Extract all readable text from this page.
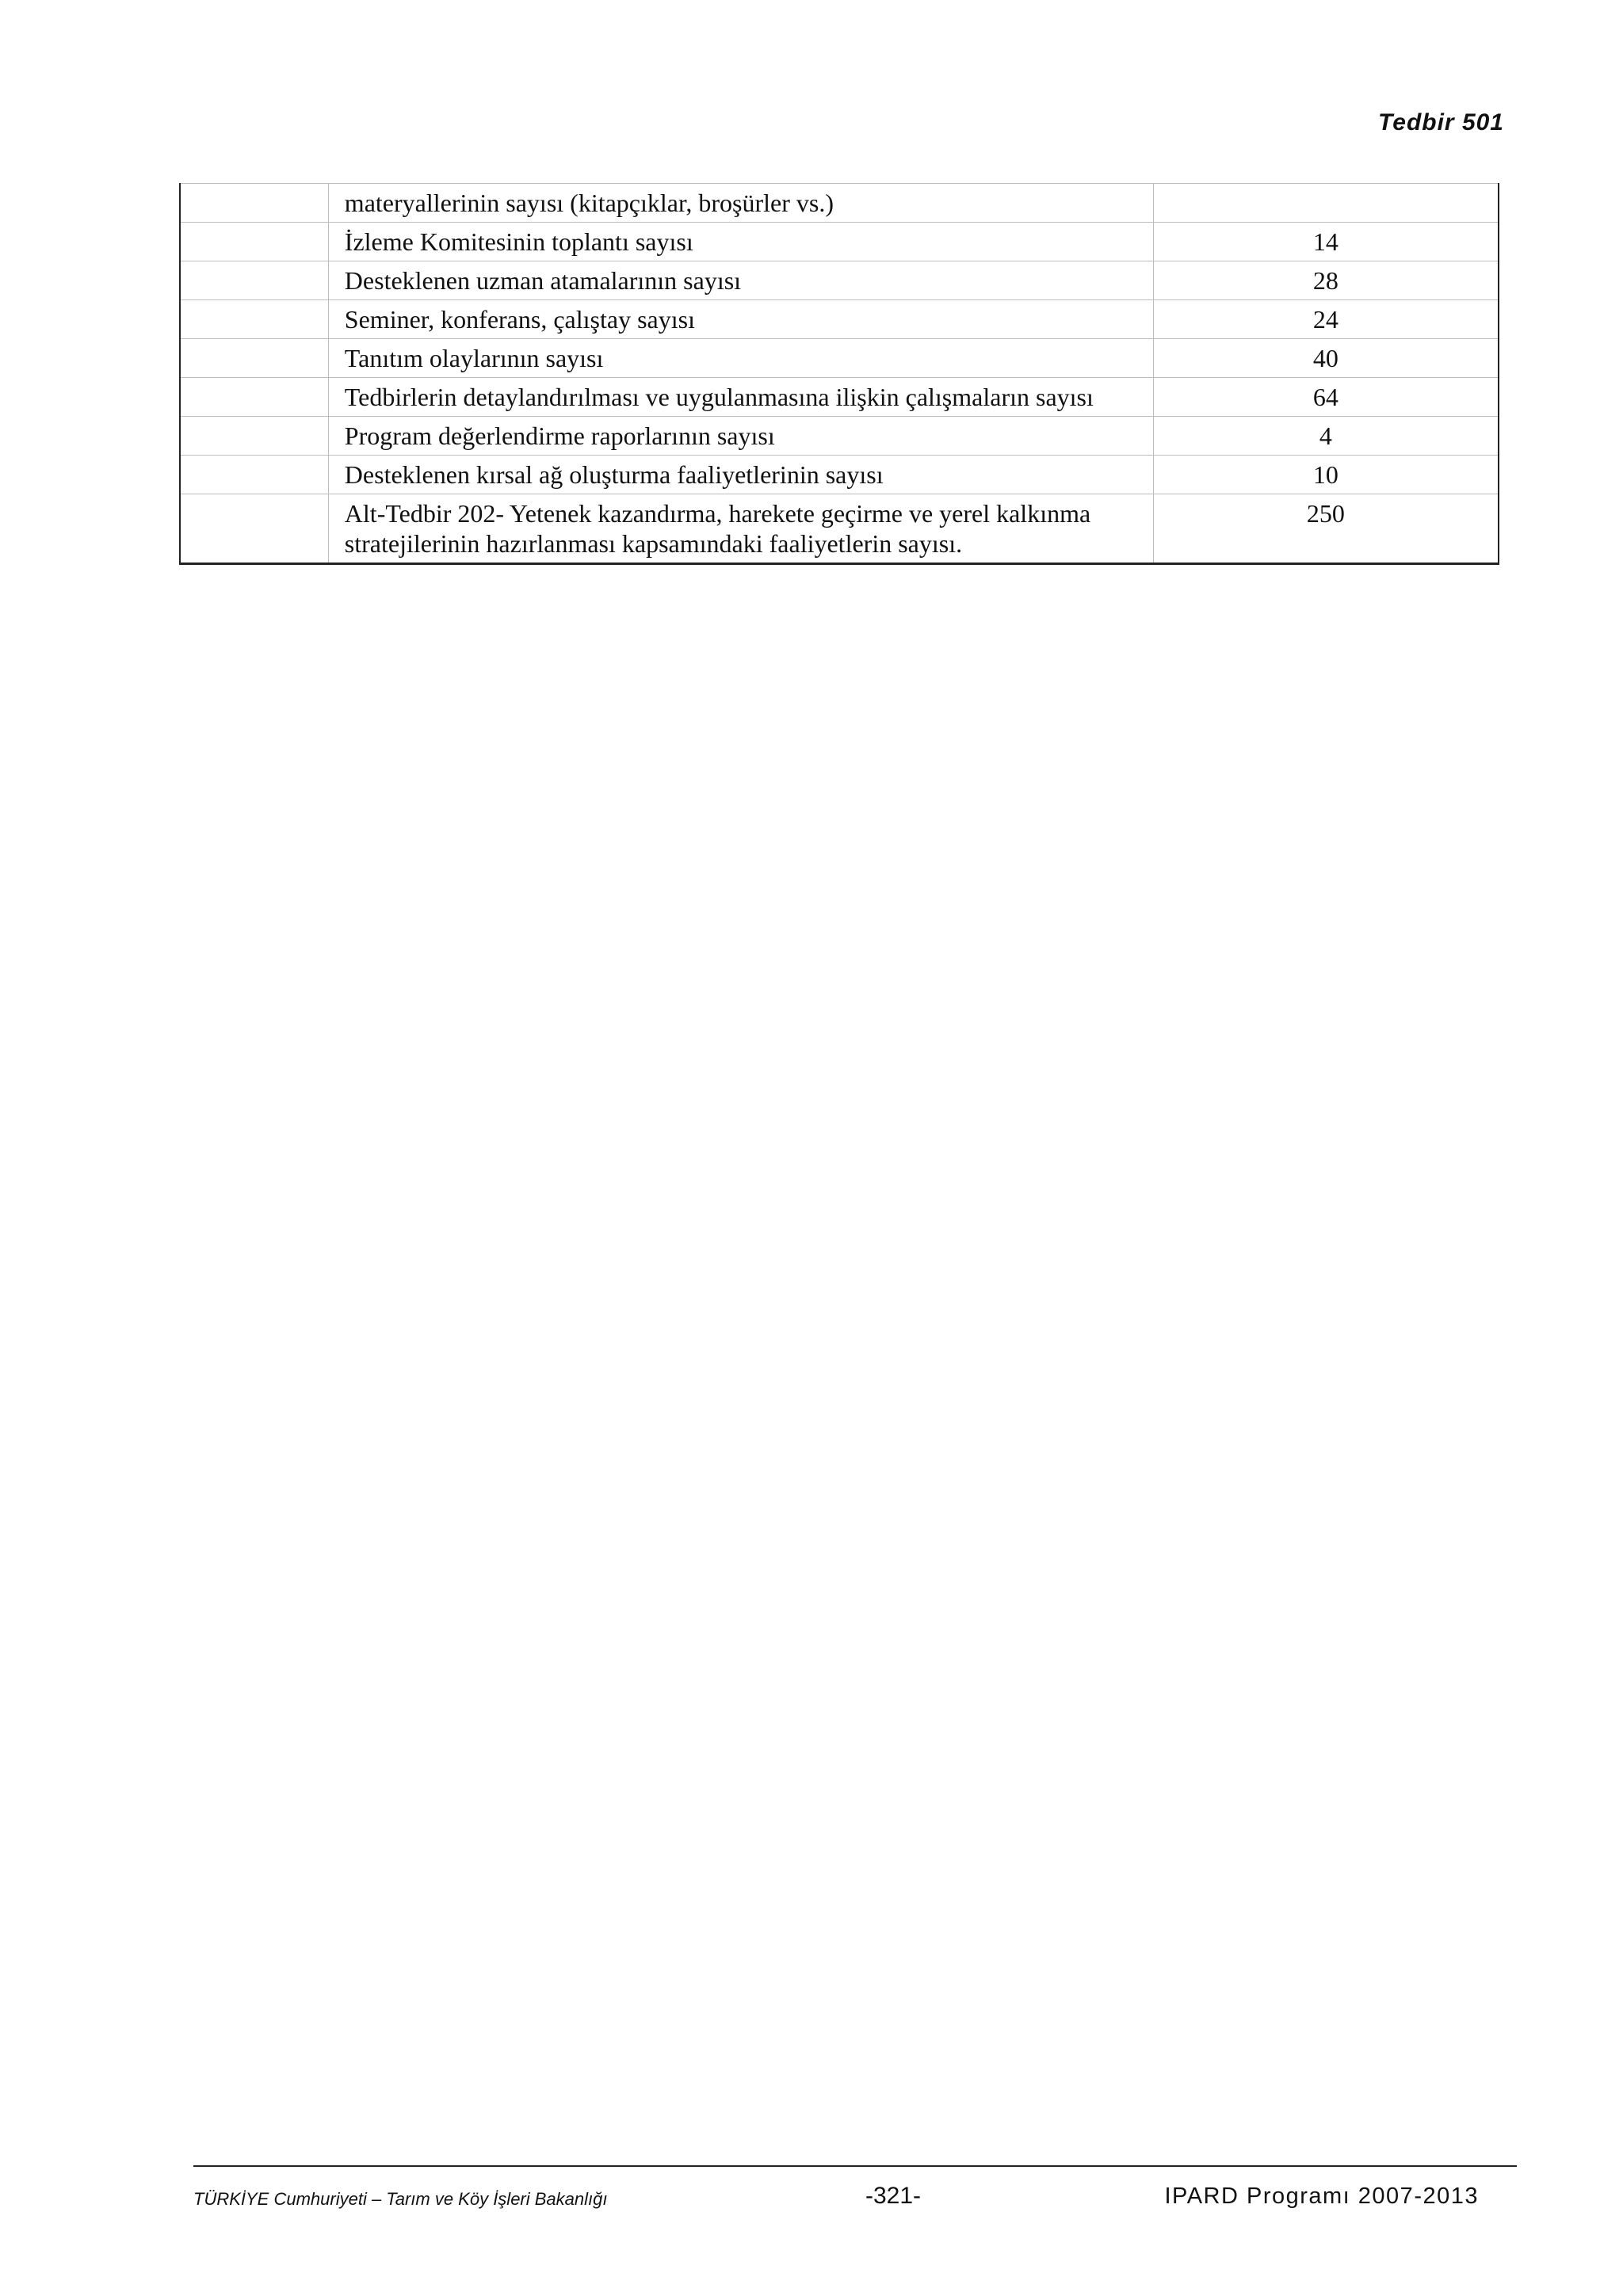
Tedbir 501
	materyallerinin sayısı (kitapçıklar, broşürler vs.)	
	İzleme Komitesinin toplantı sayısı	14
	Desteklenen uzman atamalarının sayısı	28
	Seminer, konferans, çalıştay sayısı	24
	Tanıtım olaylarının sayısı	40
	Tedbirlerin detaylandırılması ve uygulanmasına ilişkin çalışmaların sayısı	64
	Program değerlendirme raporlarının sayısı	4
	Desteklenen kırsal ağ oluşturma faaliyetlerinin sayısı	10
	Alt-Tedbir 202- Yetenek kazandırma, harekete geçirme ve yerel kalkınma stratejilerinin hazırlanması kapsamındaki faaliyetlerin sayısı.	250
TÜRKİYE Cumhuriyeti – Tarım ve Köy İşleri Bakanlığı	-321-	IPARD Programı 2007-2013
